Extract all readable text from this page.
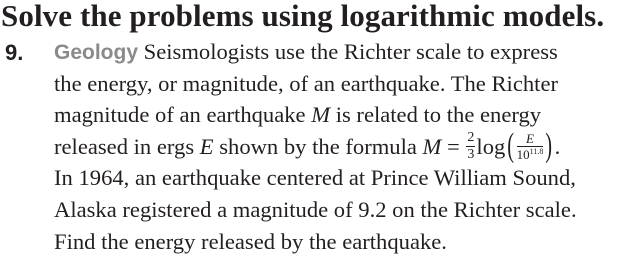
Solve the problems using logarithmic models.
9. Geology Seismologists use the Richter scale to express
the energy, or magnitude, of an earthquake. The Richter
magnitude of an earthquake M is related to the energy
released in ergs E shown by the formula $M = \frac{2}{3} \log( \frac{E}{10^{11.8}}$ ) .
In 1964, an earthquake centered at Prince William Sound,
Alaska registered a magnitude of 9.2 on the Richter scale.
Find the energy released by the earthquake.
